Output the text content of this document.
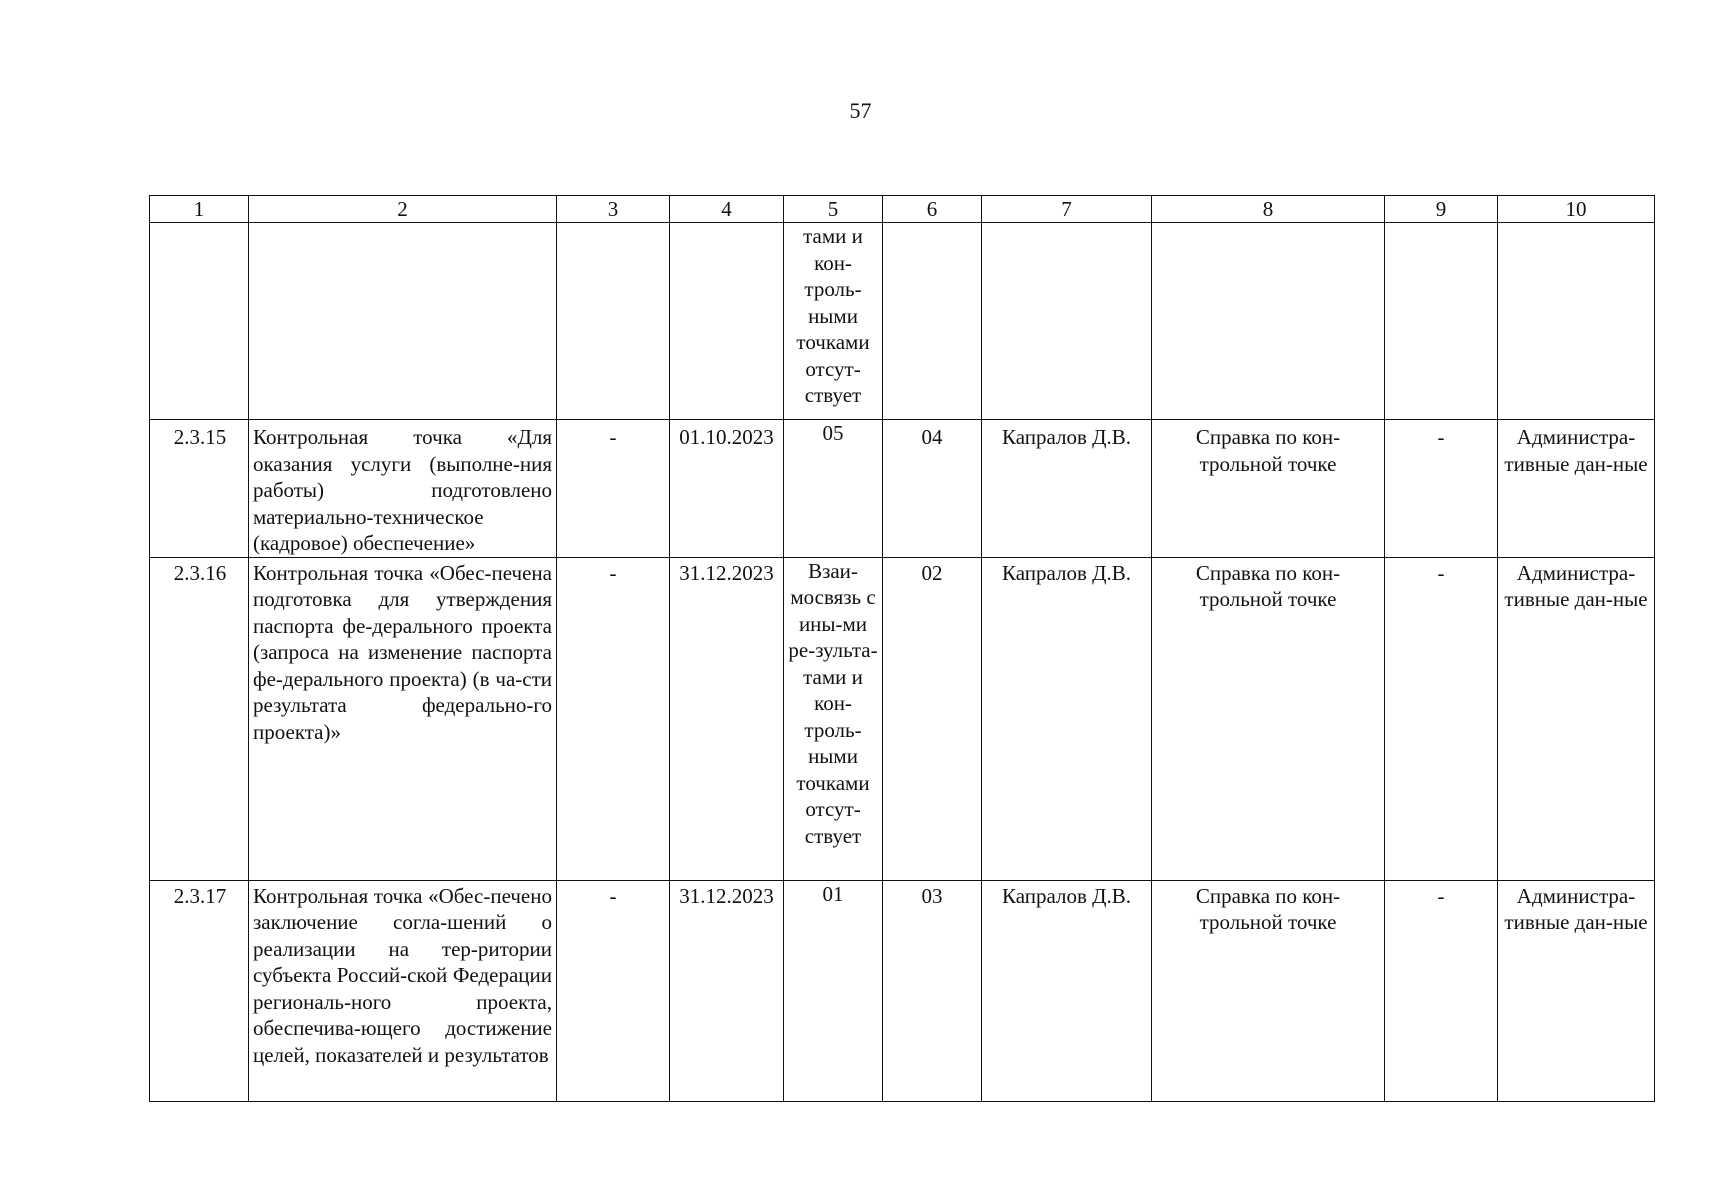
57
1	2	3	4	5	6	7	8	9	10
				тами и кон-троль-ными точками отсут-ствует					
2.3.15	Контрольная точка «Для оказания услуги (выполне-ния работы) подготовлено материально-техническое (кадровое) обеспечение»	-	01.10.2023	05	04	Капралов Д.В.	Справка по кон-трольной точке	-	Администра-тивные дан-ные
2.3.16	Контрольная точка «Обес-печена подготовка для утверждения паспорта фе-дерального проекта (запроса на изменение паспорта фе-дерального проекта) (в ча-сти результата федерально-го проекта)»	-	31.12.2023	Взаи-мосвязь с ины-ми ре-зульта-тами и кон-троль-ными точками отсут-ствует	02	Капралов Д.В.	Справка по кон-трольной точке	-	Администра-тивные дан-ные
2.3.17	Контрольная точка «Обес-печено заключение согла-шений о реализации на тер-ритории субъекта Россий-ской Федерации региональ-ного проекта, обеспечива-ющего достижение целей, показателей и результатов	-	31.12.2023	01	03	Капралов Д.В.	Справка по кон-трольной точке	-	Администра-тивные дан-ные
